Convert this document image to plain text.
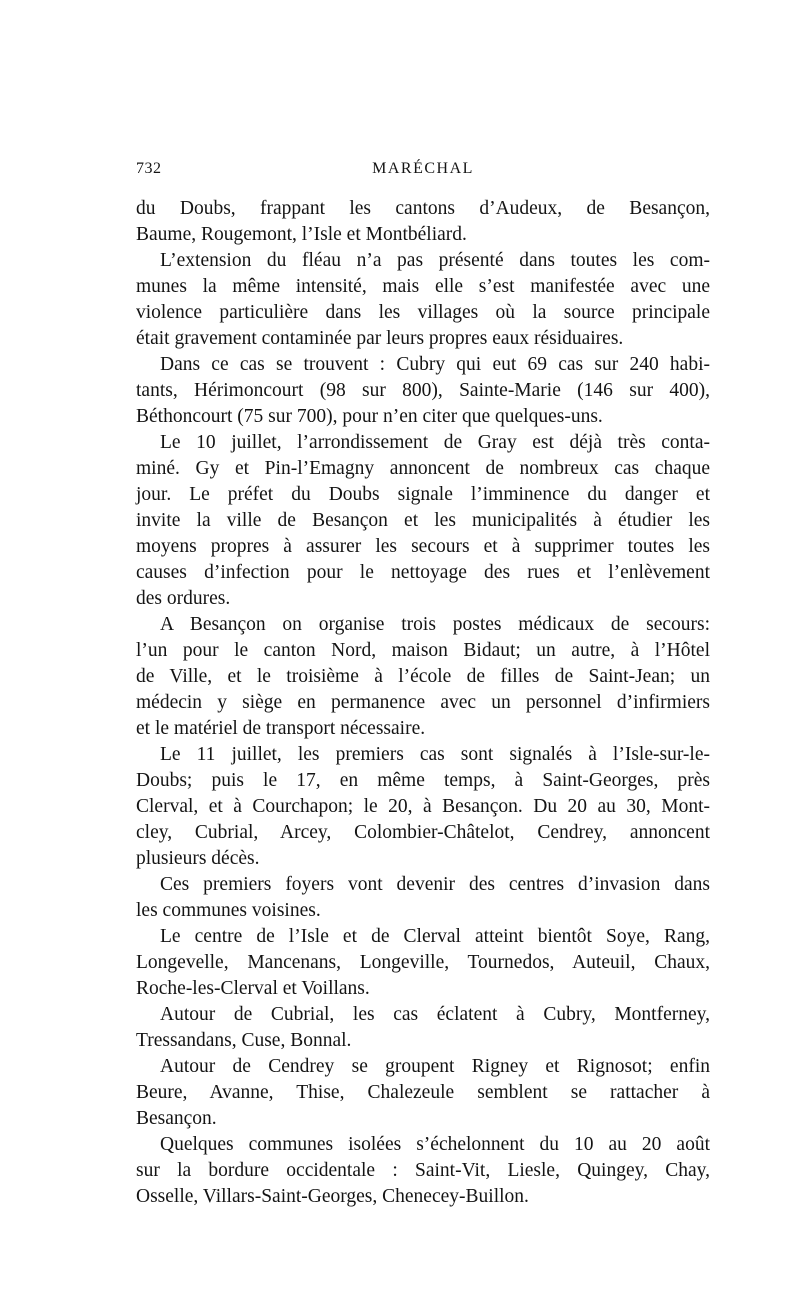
732	MARÉCHAL
du Doubs, frappant les cantons d’Audeux, de Besançon,
Baume, Rougemont, l’Isle et Montbéliard.
L’extension du fléau n’a pas présenté dans toutes les com-
munes la même intensité, mais elle s’est manifestée avec une
violence particulière dans les villages où la source principale
était gravement contaminée par leurs propres eaux résiduaires.
Dans ce cas se trouvent : Cubry qui eut 69 cas sur 240 habi-
tants, Hérimoncourt (98 sur 800), Sainte-Marie (146 sur 400),
Béthoncourt (75 sur 700), pour n’en citer que quelques-uns.
Le 10 juillet, l’arrondissement de Gray est déjà très conta-
miné. Gy et Pin-l’Emagny annoncent de nombreux cas chaque
jour. Le préfet du Doubs signale l’imminence du danger et
invite la ville de Besançon et les municipalités à étudier les
moyens propres à assurer les secours et à supprimer toutes les
causes d’infection pour le nettoyage des rues et l’enlèvement
des ordures.
A Besançon on organise trois postes médicaux de secours:
l’un pour le canton Nord, maison Bidaut; un autre, à l’Hôtel
de Ville, et le troisième à l’école de filles de Saint-Jean; un
médecin y siège en permanence avec un personnel d’infirmiers
et le matériel de transport nécessaire.
Le 11 juillet, les premiers cas sont signalés à l’Isle-sur-le-
Doubs; puis le 17, en même temps, à Saint-Georges, près
Clerval, et à Courchapon; le 20, à Besançon. Du 20 au 30, Mont-
cley, Cubrial, Arcey, Colombier-Châtelot, Cendrey, annoncent
plusieurs décès.
Ces premiers foyers vont devenir des centres d’invasion dans
les communes voisines.
Le centre de l’Isle et de Clerval atteint bientôt Soye, Rang,
Longevelle, Mancenans, Longeville, Tournedos, Auteuil, Chaux,
Roche-les-Clerval et Voillans.
Autour de Cubrial, les cas éclatent à Cubry, Montferney,
Tressandans, Cuse, Bonnal.
Autour de Cendrey se groupent Rigney et Rignosot; enfin
Beure, Avanne, Thise, Chalezeule semblent se rattacher à
Besançon.
Quelques communes isolées s’échelonnent du 10 au 20 août
sur la bordure occidentale : Saint-Vit, Liesle, Quingey, Chay,
Osselle, Villars-Saint-Georges, Chenecey-Buillon.
